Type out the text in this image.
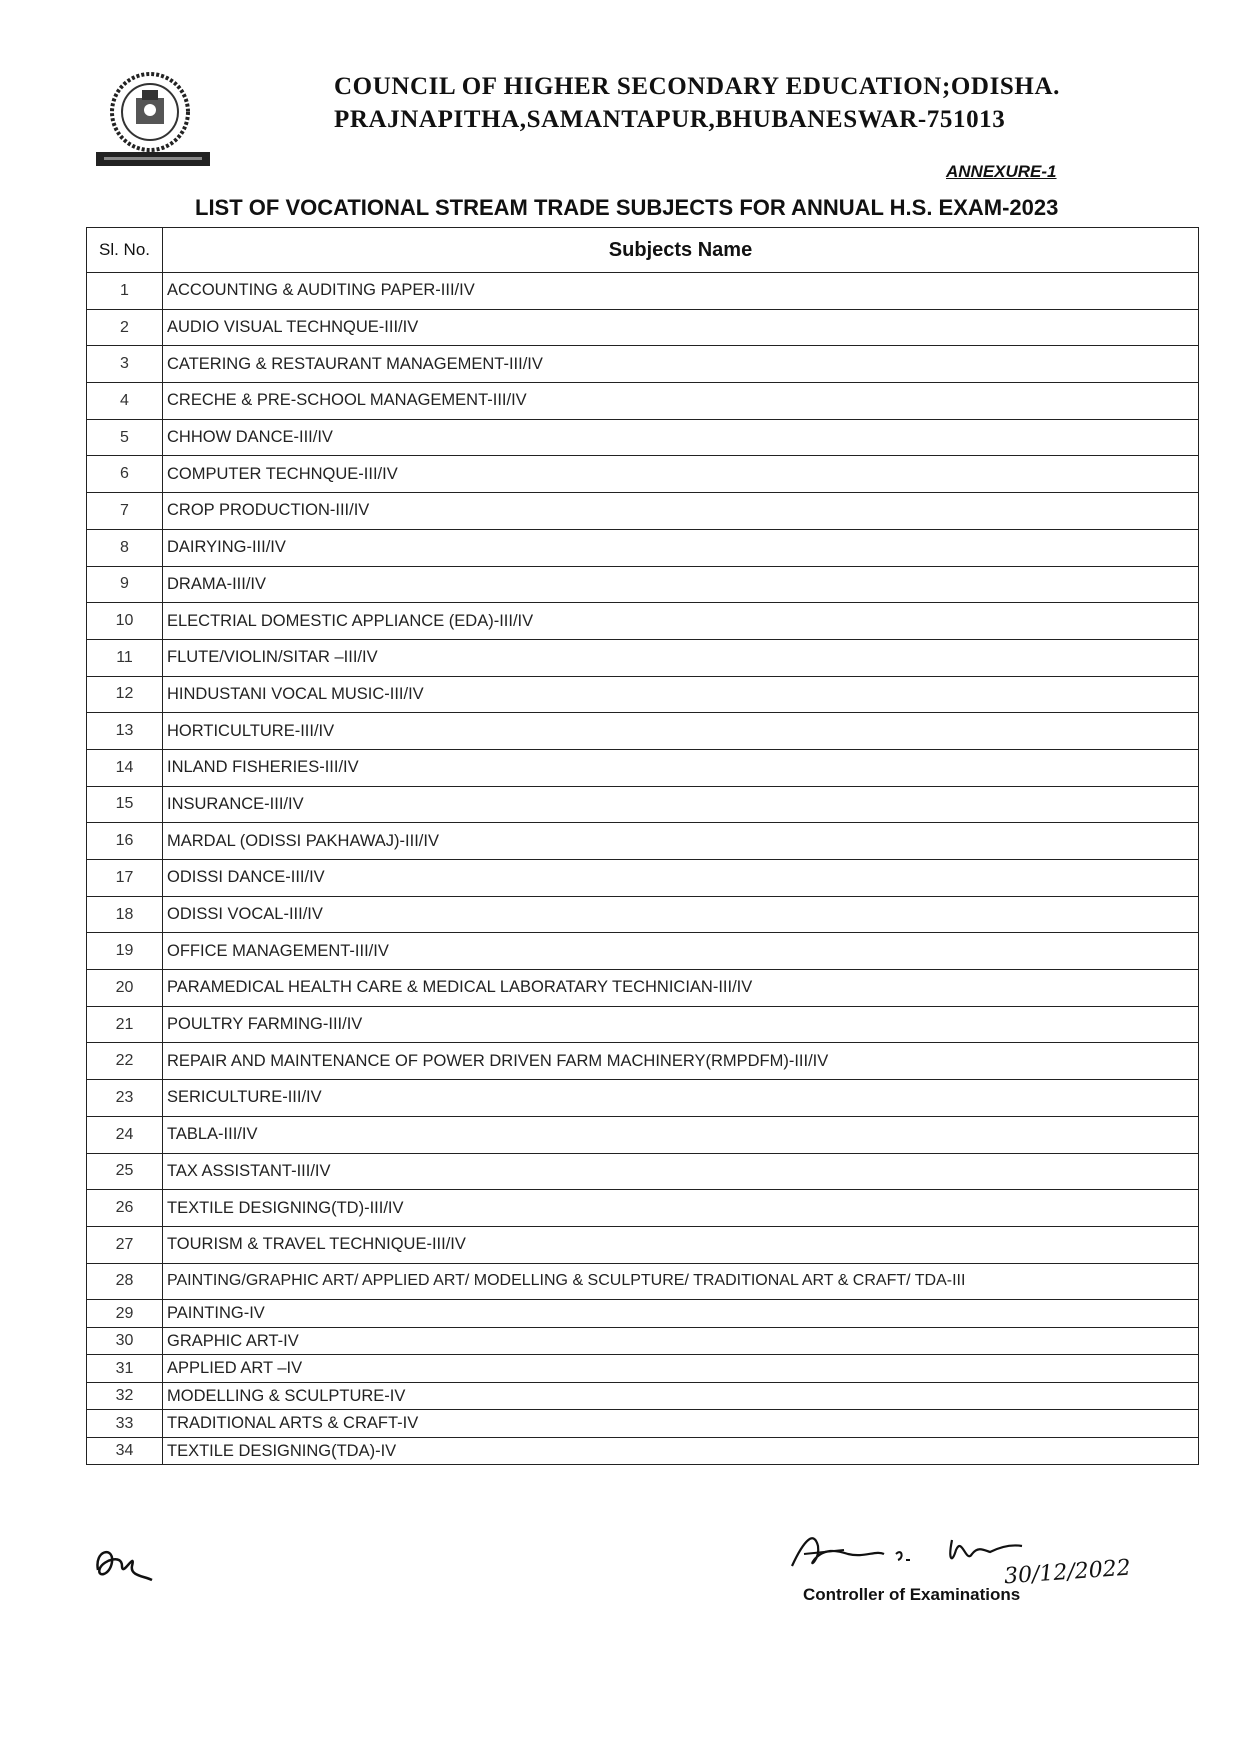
COUNCIL OF HIGHER SECONDARY EDUCATION;ODISHA.
PRAJNAPITHA,SAMANTAPUR,BHUBANESWAR-751013
ANNEXURE-1
LIST OF VOCATIONAL STREAM TRADE SUBJECTS FOR ANNUAL H.S. EXAM-2023
Sl. No.	Subjects Name
1	ACCOUNTING & AUDITING PAPER-III/IV
2	AUDIO VISUAL TECHNQUE-III/IV
3	CATERING & RESTAURANT MANAGEMENT-III/IV
4	CRECHE & PRE-SCHOOL MANAGEMENT-III/IV
5	CHHOW DANCE-III/IV
6	COMPUTER TECHNQUE-III/IV
7	CROP PRODUCTION-III/IV
8	DAIRYING-III/IV
9	DRAMA-III/IV
10	ELECTRIAL DOMESTIC APPLIANCE (EDA)-III/IV
11	FLUTE/VIOLIN/SITAR –III/IV
12	HINDUSTANI VOCAL MUSIC-III/IV
13	HORTICULTURE-III/IV
14	INLAND FISHERIES-III/IV
15	INSURANCE-III/IV
16	MARDAL (ODISSI PAKHAWAJ)-III/IV
17	ODISSI DANCE-III/IV
18	ODISSI VOCAL-III/IV
19	OFFICE MANAGEMENT-III/IV
20	PARAMEDICAL HEALTH CARE & MEDICAL LABORATARY TECHNICIAN-III/IV
21	POULTRY FARMING-III/IV
22	REPAIR AND MAINTENANCE OF POWER DRIVEN FARM MACHINERY(RMPDFM)-III/IV
23	SERICULTURE-III/IV
24	TABLA-III/IV
25	TAX ASSISTANT-III/IV
26	TEXTILE DESIGNING(TD)-III/IV
27	TOURISM & TRAVEL TECHNIQUE-III/IV
28	PAINTING/GRAPHIC ART/ APPLIED ART/ MODELLING & SCULPTURE/ TRADITIONAL ART & CRAFT/ TDA-III
29	PAINTING-IV
30	GRAPHIC ART-IV
31	APPLIED ART –IV
32	MODELLING & SCULPTURE-IV
33	TRADITIONAL ARTS & CRAFT-IV
34	TEXTILE DESIGNING(TDA)-IV
30/12/2022
Controller of Examinations
